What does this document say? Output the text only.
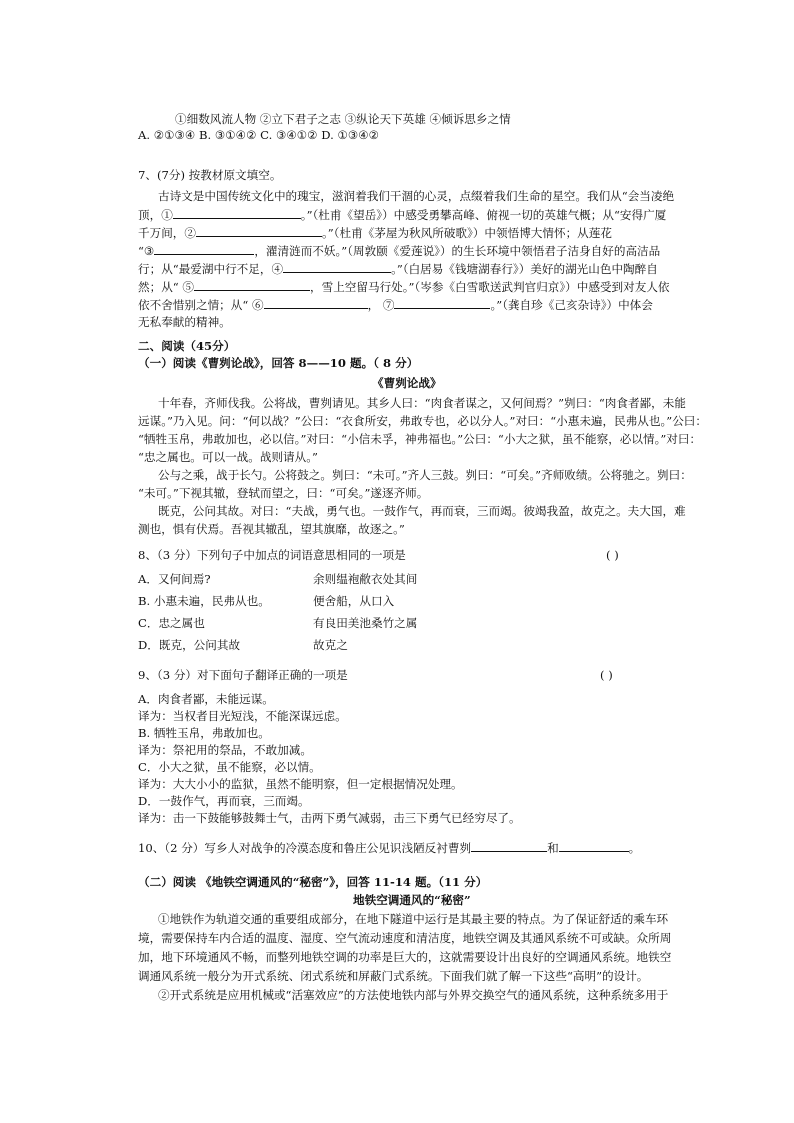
①细数风流人物 ②立下君子之志 ③纵论天下英雄 ④倾诉思乡之情
A. ②①③④ B. ③①④② C. ③④①② D. ①③④②
7、(7分) 按教材原文填空。
古诗文是中国传统文化中的瑰宝，滋润着我们干涸的心灵，点缀着我们生命的星空。我们从“会当凌绝
顶，①	。”（杜甫《望岳》）中感受勇攀高峰、俯视一切的英雄气概；从“安得广厦
千万间，②	。”（杜甫《茅屋为秋风所破歌》）中领悟博大情怀；从莲花
“③	，濯清涟而不妖。”（周敦颐《爱莲说》）的生长环境中领悟君子洁身自好的高洁品
行；从“最爱湖中行不足，④	。”（白居易《钱塘湖春行》）美好的湖光山色中陶醉自
然；从“ ⑤	，雪上空留马行处。”（岑参《白雪歌送武判官归京》）中感受到对友人依
依不舍惜别之情；从“ ⑥	， ⑦	。”（龚自珍《己亥杂诗》）中体会
无私奉献的精神。
二、阅读（45分）
（一）阅读《曹刿论战》，回答 8——10 题。（ 8 分）
《曹刿论战》
十年春，齐师伐我。公将战，曹刿请见。其乡人曰：“肉食者谋之，又何间焉？”刿曰：“肉食者鄙，未能
远谋。”乃入见。问：“何以战？”公曰：“衣食所安，弗敢专也，必以分人。”对曰：“小惠未遍，民弗从也。”公曰：
“牺牲玉帛，弗敢加也，必以信。”对曰：“小信未孚，神弗福也。”公曰：“小大之狱，虽不能察，必以情。”对曰：
“忠之属也。可以一战。战则请从。”
公与之乘，战于长勺。公将鼓之。刿曰：“未可。”齐人三鼓。刿曰：“可矣。”齐师败绩。公将驰之。刿曰：
“未可。”下视其辙，登轼而望之，曰：“可矣。”遂逐齐师。
既克，公问其故。对曰：“夫战，勇气也。一鼓作气，再而衰，三而竭。彼竭我盈，故克之。夫大国，难
测也，惧有伏焉。吾视其辙乱，望其旗靡，故逐之。”
8、（3 分）下列句子中加点的词语意思相同的一项是	( )
A．又何间焉?	余则缊袍敝衣处其间
B. 小惠未遍，民弗从也。	便舍船，从口入
C．忠之属也	有良田美池桑竹之属
D．既克，公问其故	故克之
9、（3 分）对下面句子翻译正确的一项是	( )
A．肉食者鄙，未能远谋。
译为：当权者目光短浅，不能深谋远虑。
B. 牺牲玉帛，弗敢加也。
译为：祭祀用的祭品，不敢加减。
C．小大之狱，虽不能察，必以情。
译为：大大小小的监狱，虽然不能明察，但一定根据情况处理。
D．一鼓作气，再而衰，三而竭。
译为：击一下鼓能够鼓舞士气，击两下勇气减弱，击三下勇气已经穷尽了。
10、（2 分）写乡人对战争的冷漠态度和鲁庄公见识浅陋反衬曹刿	和	。
（二）阅读 《地铁空调通风的“秘密”》，回答 11-14 题。（11 分）
地铁空调通风的“秘密”
①地铁作为轨道交通的重要组成部分，在地下隧道中运行是其最主要的特点。为了保证舒适的乘车环
境，需要保持车内合适的温度、湿度、空气流动速度和清洁度，地铁空调及其通风系统不可或缺。众所周
加，地下环境通风不畅，而整列地铁空调的功率是巨大的，这就需要设计出良好的空调通风系统。地铁空
调通风系统一般分为开式系统、闭式系统和屏蔽门式系统。下面我们就了解一下这些“高明”的设计。
②开式系统是应用机械或“活塞效应”的方法使地铁内部与外界交换空气的通风系统，这种系统多用于
